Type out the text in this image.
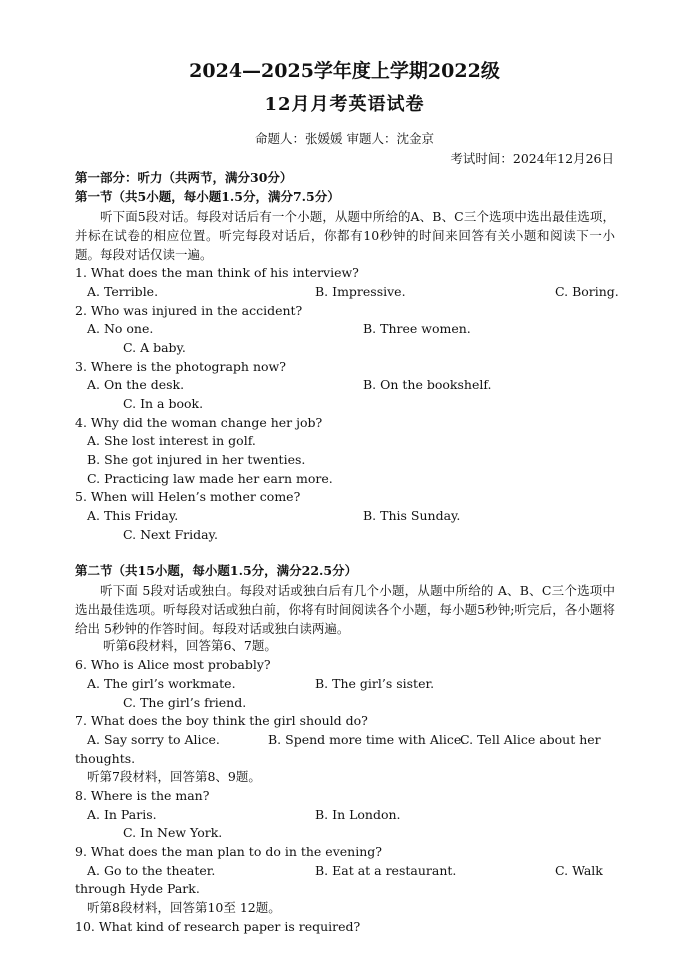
2024—2025学年度上学期2022级
12月月考英语试卷
命题人：张媛媛 审题人：沈金京
考试时间：2024年12月26日
第一部分：听力（共两节，满分30分）
第一节（共5小题，每小题1.5分，满分7.5分）
听下面5段对话。每段对话后有一个小题，从题中所给的A、B、C三个选项中选出最佳选项，并标在试卷的相应位置。听完每段对话后，你都有10秒钟的时间来回答有关小题和阅读下一小题。每段对话仅读一遍。
1. What does the man think of his interview?
A. Terrible.	B. Impressive.	C. Boring.
2. Who was injured in the accident?
A. No one.	B. Three women.
C. A baby.
3. Where is the photograph now?
A. On the desk.	B. On the bookshelf.
C. In a book.
4. Why did the woman change her job?
A. She lost interest in golf.
B. She got injured in her twenties.
C. Practicing law made her earn more.
5. When will Helen’s mother come?
A. This Friday.	B. This Sunday.
C. Next Friday.
第二节（共15小题，每小题1.5分，满分22.5分）
听下面 5段对话或独白。每段对话或独白后有几个小题，从题中所给的 A、B、C三个选项中选出最佳选项。听每段对话或独白前，你将有时间阅读各个小题，每小题5秒钟;听完后，各小题将给出 5秒钟的作答时间。每段对话或独白读两遍。
听第6段材料，回答第6、7题。
6. Who is Alice most probably?
A. The girl’s workmate.	B. The girl’s sister.
C. The girl’s friend.
7. What does the boy think the girl should do?
A. Say sorry to Alice.	B. Spend more time with Alice.
C. Tell Alice about her
thoughts.
听第7段材料，回答第8、9题。
8. Where is the man?
A. In Paris.	B. In London.
C. In New York.
9. What does the man plan to do in the evening?
A. Go to the theater.	B. Eat at a restaurant.	C. Walk
through Hyde Park.
听第8段材料，回答第10至 12题。
10. What kind of research paper is required?
